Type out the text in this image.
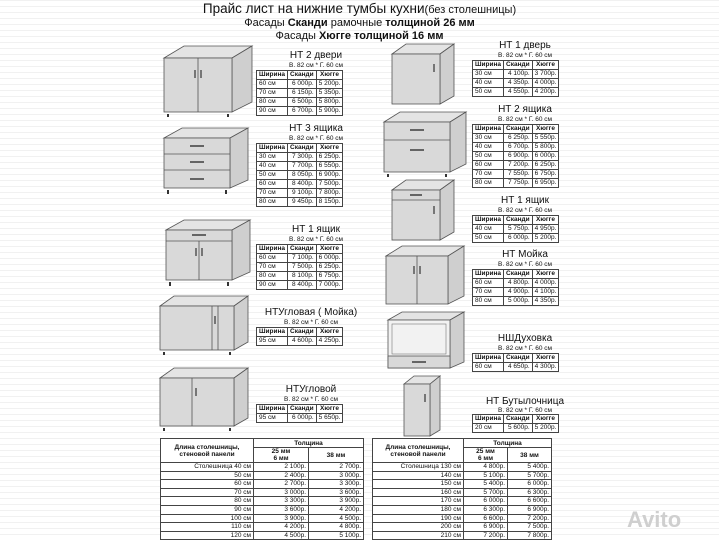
Прайс лист на нижние тумбы кухни(без столешницы)
Фасады Сканди рамочные толщиной 26 мм
Фасады Хюгге толщиной 16 мм
НТ 2 двери
В. 82 см * Г. 60 см
Ширина	Сканди	Хюгге
60 см	6 000р.	5 200р.
70 см	6 150р.	5 350р.
80 см	6 500р.	5 800р.
90 см	6 700р.	5 900р.
НТ 3 ящика
В. 82 см * Г. 60 см
Ширина	Сканди	Хюгге
30 см	7 300р.	6 250р.
40 см	7 700р.	6 550р.
50 см	8 050р.	6 900р.
60 см	8 400р.	7 500р.
70 см	9 100р.	7 800р.
80 см	9 450р.	8 150р.
НТ 1 ящик
В. 82 см * Г. 60 см
Ширина	Сканди	Хюгге
60 см	7 100р.	6 000р.
70 см	7 500р.	6 250р.
80 см	8 100р.	6 750р.
90 см	8 400р.	7 000р.
НТУгловая ( Мойка)
В. 82 см * Г. 60 см
Ширина	Сканди	Хюгге
95 см	4 600р.	4 250р.
НТУгловой
В. 82 см * Г. 60 см
Ширина	Сканди	Хюгге
95 см	6 000р.	5 650р.
НТ 1 дверь
В. 82 см * Г. 60 см
Ширина	Сканди	Хюгге
30 см	4 100р.	3 700р.
40 см	4 350р.	4 000р.
50 см	4 550р.	4 200р.
НТ 2 ящика
В. 82 см * Г. 60 см
Ширина	Сканди	Хюгге
30 см	6 250р.	5 550р.
40 см	6 700р.	5 800р.
50 см	6 900р.	6 000р.
60 см	7 200р.	6 250р.
70 см	7 550р.	6 750р.
80 см	7 750р.	6 950р.
НТ 1 ящик
В. 82 см * Г. 60 см
Ширина	Сканди	Хюгге
40 см	5 750р.	4 950р.
50 см	6 000р.	5 200р.
НТ Мойка
В. 82 см * Г. 60 см
Ширина	Сканди	Хюгге
60 см	4 800р.	4 000р.
70 см	4 900р.	4 100р.
80 см	5 000р.	4 350р.
НШДуховка
В. 82 см * Г. 60 см
Ширина	Сканди	Хюгге
60 см	4 650р.	4 300р.
НТ Бутылочница
В. 82 см * Г. 60 см
Ширина	Сканди	Хюгге
20 см	5 600р.	5 200р.
Длина столешницы, стеновой панели	Толщина	
	25 мм
6 мм	38 мм
Столешница 40 см	2 100р.	2 700р.
50 см	2 400р.	3 000р.
60 см	2 700р.	3 300р.
70 см	3 000р.	3 600р.
80 см	3 300р.	3 900р.
90 см	3 600р.	4 200р.
100 см	3 900р.	4 500р.
110 см	4 200р.	4 800р.
120 см	4 500р.	5 100р.
Длина столешницы, стеновой панели	Толщина	
	25 мм
6 мм	38 мм
Столешница 130 см	4 800р.	5 400р.
140 см	5 100р.	5 700р.
150 см	5 400р.	6 000р.
160 см	5 700р.	6 300р.
170 см	6 000р.	6 600р.
180 см	6 300р.	6 900р.
190 см	6 600р.	7 200р.
200 см	6 900р.	7 500р.
210 см	7 200р.	7 800р.
Avito
